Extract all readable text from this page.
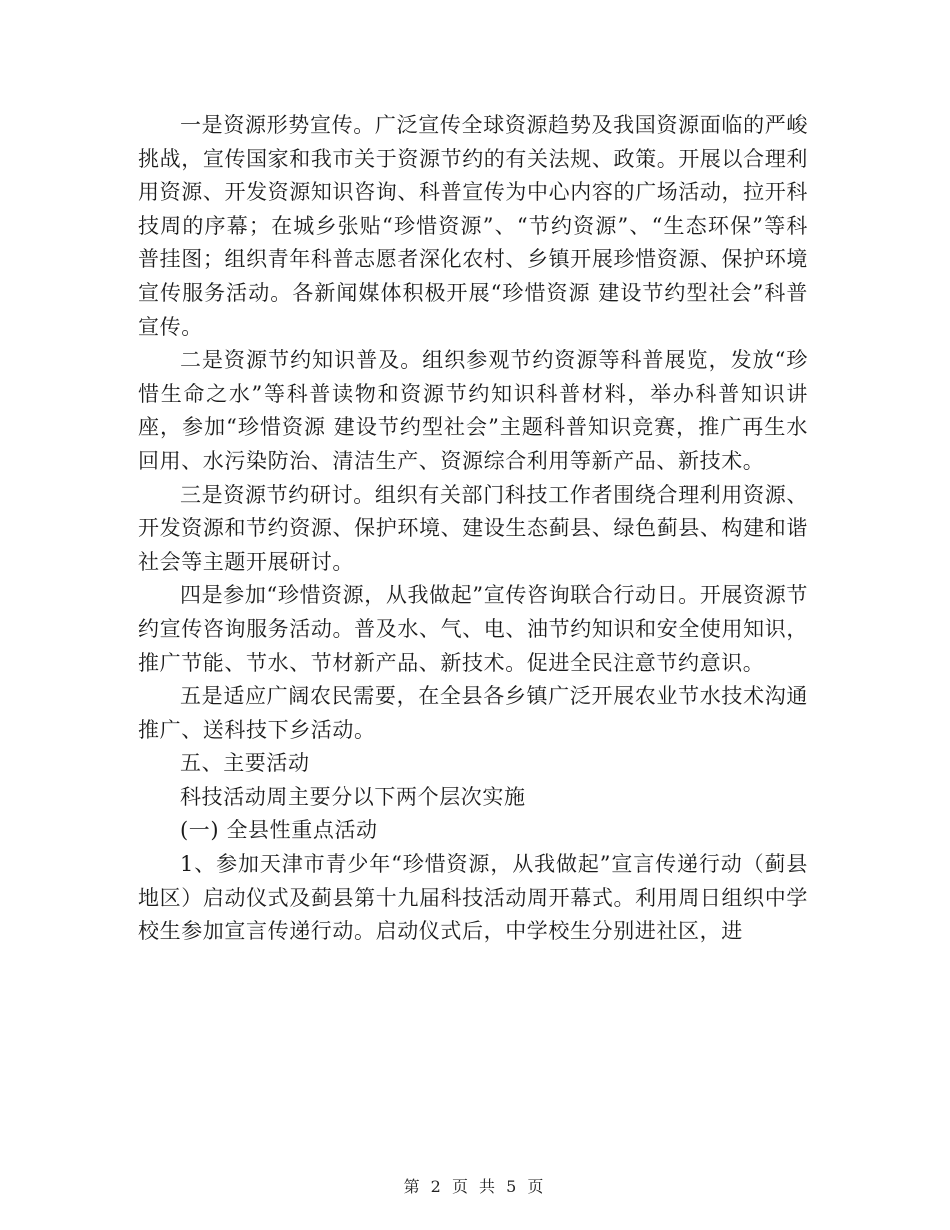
一是资源形势宣传。广泛宣传全球资源趋势及我国资源面临的严峻挑战，宣传国家和我市关于资源节约的有关法规、政策。开展以合理利用资源、开发资源知识咨询、科普宣传为中心内容的广场活动，拉开科技周的序幕；在城乡张贴“珍惜资源”、“节约资源”、“生态环保”等科普挂图；组织青年科普志愿者深化农村、乡镇开展珍惜资源、保护环境宣传服务活动。各新闻媒体积极开展“珍惜资源 建设节约型社会”科普宣传。

二是资源节约知识普及。组织参观节约资源等科普展览，发放“珍惜生命之水”等科普读物和资源节约知识科普材料，举办科普知识讲座，参加“珍惜资源 建设节约型社会”主题科普知识竞赛，推广再生水回用、水污染防治、清洁生产、资源综合利用等新产品、新技术。

三是资源节约研讨。组织有关部门科技工作者围绕合理利用资源、开发资源和节约资源、保护环境、建设生态蓟县、绿色蓟县、构建和谐社会等主题开展研讨。

四是参加“珍惜资源，从我做起”宣传咨询联合行动日。开展资源节约宣传咨询服务活动。普及水、气、电、油节约知识和安全使用知识，推广节能、节水、节材新产品、新技术。促进全民注意节约意识。

五是适应广阔农民需要，在全县各乡镇广泛开展农业节水技术沟通推广、送科技下乡活动。

五、主要活动

科技活动周主要分以下两个层次实施

(一) 全县性重点活动

1、参加天津市青少年“珍惜资源，从我做起”宣言传递行动（蓟县地区）启动仪式及蓟县第十九届科技活动周开幕式。利用周日组织中学校生参加宣言传递行动。启动仪式后，中学校生分别进社区，进

第 2 页 共 5 页
